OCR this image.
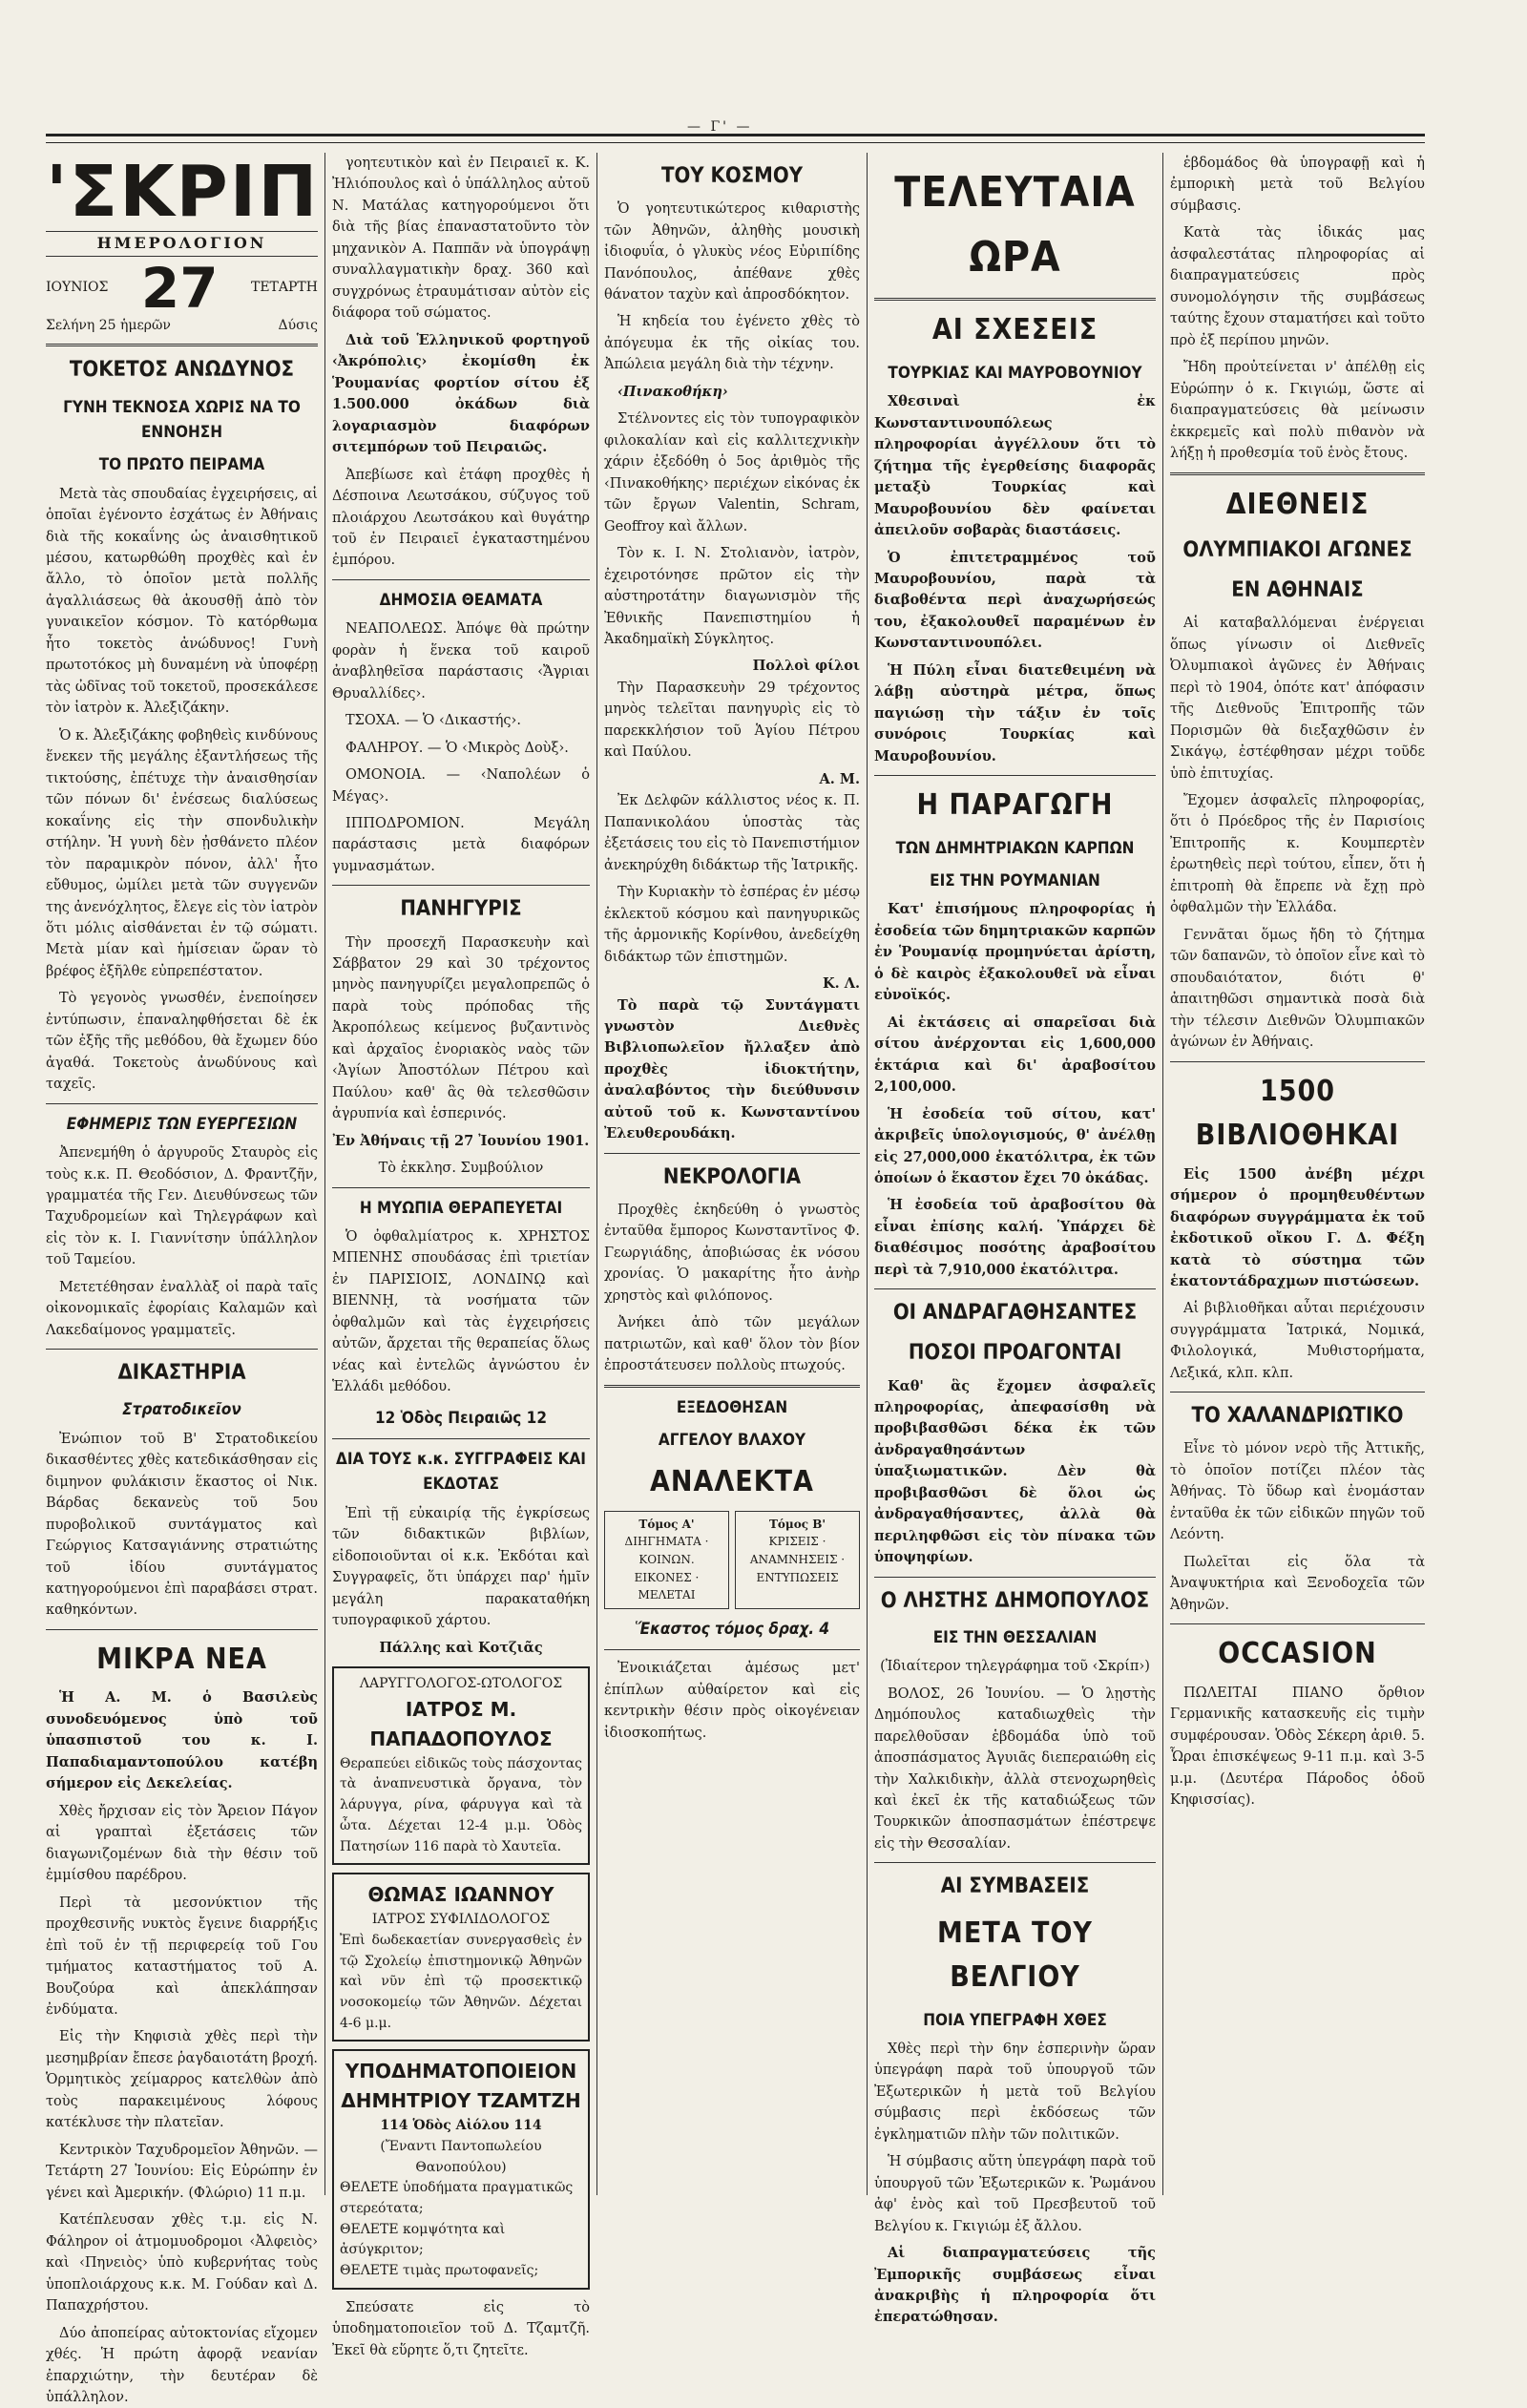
— Γ' —
'ΣΚΡΙΠ
ΗΜΕΡΟΛΟΓΙΟΝ
ΙΟΥΝΙΟΣ 27 ΤΕΤΑΡΤΗ
Σελήνη 25 ἡμερῶν	Δύσις
ΤΟΚΕΤΟΣ ΑΝΩΔΥΝΟΣ
ΓΥΝΗ ΤΕΚΝΟΣΑ ΧΩΡΙΣ ΝΑ ΤΟ ΕΝΝΟΗΣΗ
ΤΟ ΠΡΩΤΟ ΠΕΙΡΑΜΑ

Μετὰ τὰς σπουδαίας ἐγχειρήσεις, αἱ ὁποῖαι ἐγένοντο ἐσχάτως ἐν Ἀθήναις διὰ τῆς κοκαΐνης ὡς ἀναισθητικοῦ μέσου, κατωρθώθη προχθὲς καὶ ἐν ἄλλο, τὸ ὁποῖον μετὰ πολλῆς ἀγαλλιάσεως θὰ ἀκουσθῇ ἀπὸ τὸν γυναικεῖον κόσμον. Τὸ κατόρθωμα ἦτο τοκετὸς ἀνώδυνος! Γυνὴ πρωτοτόκος μὴ δυναμένη νὰ ὑποφέρῃ τὰς ὠδῖνας τοῦ τοκετοῦ, προσεκάλεσε τὸν ἰατρὸν κ. Ἀλεξιζάκην.

Ὁ κ. Ἀλεξιζάκης φοβηθεὶς κινδύνους ἕνεκεν τῆς μεγάλης ἐξαντλήσεως τῆς τικτούσης, ἐπέτυχε τὴν ἀναισθησίαν τῶν πόνων δι' ἐνέσεως διαλύσεως κοκαΐνης εἰς τὴν σπονδυλικὴν στήλην. Ἡ γυνὴ δὲν ᾐσθάνετο πλέον τὸν παραμικρὸν πόνον, ἀλλ' ἦτο εὔθυμος, ὡμίλει μετὰ τῶν συγγενῶν της ἀνενόχλητος, ἔλεγε εἰς τὸν ἰατρὸν ὅτι μόλις αἰσθάνεται ἐν τῷ σώματι. Μετὰ μίαν καὶ ἡμίσειαν ὥραν τὸ βρέφος ἐξῆλθε εὐπρεπέστατον.

Τὸ γεγονὸς γνωσθέν, ἐνεποίησεν ἐντύπωσιν, ἐπαναληφθήσεται δὲ ἐκ τῶν ἐξῆς τῆς μεθόδου, θὰ ἔχωμεν δύο ἀγαθά. Τοκετοὺς ἀνωδύνους καὶ ταχεῖς.

ΕΦΗΜΕΡΙΣ ΤΩΝ ΕΥΕΡΓΕΣΙΩΝ

Ἀπενεμήθη ὁ ἀργυροῦς Σταυρὸς εἰς τοὺς κ.κ. Π. Θεοδόσιον, Δ. Φραντζῆν, γραμματέα τῆς Γεν. Διευθύνσεως τῶν Ταχυδρομείων καὶ Τηλεγράφων καὶ εἰς τὸν κ. Ι. Γιαννίτσην ὑπάλληλον τοῦ Ταμείου.

Μετετέθησαν ἐναλλὰξ οἱ παρὰ ταῖς οἰκονομικαῖς ἐφορίαις Καλαμῶν καὶ Λακεδαίμονος γραμματεῖς.

ΔΙΚΑΣΤΗΡΙΑ
Στρατοδικεῖον

Ἐνώπιον τοῦ Β' Στρατοδικείου δικασθέντες χθὲς κατεδικάσθησαν εἰς διμηνον φυλάκισιν ἕκαστος οἱ Νικ. Βάρδας δεκανεὺς τοῦ 5ου πυροβολικοῦ συντάγματος καὶ Γεώργιος Κατσαγιάννης στρατιώτης τοῦ ἰδίου συντάγματος κατηγορούμενοι ἐπὶ παραβάσει στρατ. καθηκόντων.

ΜΙΚΡΑ ΝΕΑ

Ἡ Α. Μ. ὁ Βασιλεὺς συνοδευόμενος ὑπὸ τοῦ ὑπασπιστοῦ του κ. Ι. Παπαδιαμαντοπούλου κατέβη σήμερον εἰς Δεκελείας.

Χθὲς ἤρχισαν εἰς τὸν Ἄρειον Πάγον αἱ γραπταὶ ἐξετάσεις τῶν διαγωνιζομένων διὰ τὴν θέσιν τοῦ ἐμμίσθου παρέδρου.

Περὶ τὰ μεσονύκτιον τῆς προχθεσινῆς νυκτὸς ἔγεινε διαρρήξις ἐπὶ τοῦ ἐν τῇ περιφερείᾳ τοῦ Γου τμήματος καταστήματος τοῦ Α. Βουζούρα καὶ ἀπεκλάπησαν ἐνδύματα.

Εἰς τὴν Κηφισιὰ χθὲς περὶ τὴν μεσημβρίαν ἔπεσε ῥαγδαιοτάτη βροχή. Ὁρμητικὸς χείμαρρος κατελθὼν ἀπὸ τοὺς παρακειμένους λόφους κατέκλυσε τὴν πλατεῖαν.

Κεντρικὸν Ταχυδρομεῖον Ἀθηνῶν. — Τετάρτη 27 Ἰουνίου: Εἰς Εὐρώπην ἐν γένει καὶ Ἀμερικήν. (Φλώριο) 11 π.μ.

Κατέπλευσαν χθὲς τ.μ. εἰς Ν. Φάληρον οἱ ἀτμομυοδρομοι ‹Ἀλφειὸς› καὶ ‹Πηνειὸς› ὑπὸ κυβερνήτας τοὺς ὑποπλοιάρχους κ.κ. Μ. Γούδαν καὶ Δ. Παπαχρήστου.

Δύο ἀποπείρας αὐτοκτονίας εἴχομεν χθές. Ἡ πρώτη ἀφορᾷ νεανίαν ἐπαρχιώτην, τὴν δευτέραν δὲ ὑπάλληλον.

γοητευτικὸν καὶ ἐν Πειραιεῖ κ. Κ. Ἠλιόπουλος καὶ ὁ ὑπάλληλος αὐτοῦ Ν. Ματάλας κατηγορούμενοι ὅτι διὰ τῆς βίας ἐπαναστατοῦντο τὸν μηχανικὸν Α. Παππᾶν νὰ ὑπογράψῃ συναλλαγματικὴν δραχ. 360 καὶ συγχρόνως ἐτραυμάτισαν αὐτὸν εἰς διάφορα τοῦ σώματος.

Διὰ τοῦ Ἑλληνικοῦ φορτηγοῦ ‹Ἀκρόπολις› ἐκομίσθη ἐκ Ῥουμανίας φορτίον σίτου ἐξ 1.500.000 ὀκάδων διὰ λογαριασμὸν διαφόρων σιτεμπόρων τοῦ Πειραιῶς.

Ἀπεβίωσε καὶ ἐτάφη προχθὲς ἡ Δέσποινα Λεωτσάκου, σύζυγος τοῦ πλοιάρχου Λεωτσάκου καὶ θυγάτηρ τοῦ ἐν Πειραιεῖ ἐγκαταστημένου ἐμπόρου.

ΔΗΜΟΣΙΑ ΘΕΑΜΑΤΑ

ΝΕΑΠΟΛΕΩΣ. Ἀπόψε θὰ πρώτην φορὰν ἡ ἕνεκα τοῦ καιροῦ ἀναβληθεῖσα παράστασις ‹Ἄγριαι Θρυαλλίδες›.

ΤΣΟΧΑ. — Ὁ ‹Δικαστής›.

ΦΑΛΗΡΟΥ. — Ὁ ‹Μικρὸς Δοὺξ›.

ΟΜΟΝΟΙΑ. — ‹Ναπολέων ὁ Μέγας›.

ΙΠΠΟΔΡΟΜΙΟΝ. Μεγάλη παράστασις μετὰ διαφόρων γυμνασμάτων.

ΠΑΝΗΓΥΡΙΣ

Τὴν προσεχῆ Παρασκευὴν καὶ Σάββατον 29 καὶ 30 τρέχοντος μηνὸς πανηγυρίζει μεγαλοπρεπῶς ὁ παρὰ τοὺς πρόποδας τῆς Ἀκροπόλεως κείμενος βυζαντινὸς καὶ ἀρχαῖος ἐνοριακὸς ναὸς τῶν ‹Ἁγίων Ἀποστόλων Πέτρου καὶ Παύλου› καθ' ἃς θὰ τελεσθῶσιν ἀγρυπνία καὶ ἑσπερινός.

Ἐν Ἀθήναις τῇ 27 Ἰουνίου 1901.

Τὸ ἐκκλησ. Συμβούλιον

Η ΜΥΩΠΙΑ ΘΕΡΑΠΕΥΕΤΑΙ

Ὁ ὀφθαλμίατρος κ. ΧΡΗΣΤΟΣ ΜΠΕΝΗΣ σπουδάσας ἐπὶ τριετίαν ἐν ΠΑΡΙΣΙΟΙΣ, ΛΟΝΔΙΝῼ καὶ ΒΙΕΝΝῌ, τὰ νοσήματα τῶν ὀφθαλμῶν καὶ τὰς ἐγχειρήσεις αὐτῶν, ἄρχεται τῆς θεραπείας ὅλως νέας καὶ ἐντελῶς ἀγνώστου ἐν Ἑλλάδι μεθόδου.

12 Ὁδὸς Πειραιῶς 12
ΔΙΑ ΤΟΥΣ κ.κ. ΣΥΓΓΡΑΦΕΙΣ ΚΑΙ ΕΚΔΟΤΑΣ

Ἐπὶ τῇ εὐκαιρίᾳ τῆς ἐγκρίσεως τῶν διδακτικῶν βιβλίων, εἰδοποιοῦνται οἱ κ.κ. Ἐκδόται καὶ Συγγραφεῖς, ὅτι ὑπάρχει παρ' ἡμῖν μεγάλη παρακαταθήκη τυπογραφικοῦ χάρτου.

Πάλλης καὶ Κοτζιᾶς

ΛΑΡΥΓΓΟΛΟΓΟΣ-ΩΤΟΛΟΓΟΣ
ΙΑΤΡΟΣ Μ. ΠΑΠΑΔΟΠΟΥΛΟΣ
Θεραπεύει εἰδικῶς τοὺς πάσχοντας τὰ ἀναπνευστικὰ ὄργανα, τὸν λάρυγγα, ρίνα, φάρυγγα καὶ τὰ ὦτα. Δέχεται 12-4 μ.μ. Ὁδὸς Πατησίων 116 παρὰ τὸ Χαυτεῖα.
ΘΩΜΑΣ ΙΩΑΝΝΟΥ
ΙΑΤΡΟΣ ΣΥΦΙΛΙΔΟΛΟΓΟΣ
Ἐπὶ δωδεκαετίαν συνεργασθεὶς ἐν τῷ Σχολείῳ ἐπιστημονικῷ Ἀθηνῶν καὶ νῦν ἐπὶ τῷ προσεκτικῷ νοσοκομείῳ τῶν Ἀθηνῶν. Δέχεται 4-6 μ.μ.
ΥΠΟΔΗΜΑΤΟΠΟΙΕΙΟΝ
ΔΗΜΗΤΡΙΟΥ ΤΖΑΜΤΖΗ
114 Ὁδὸς Αἰόλου 114
(Ἔναντι Παντοπωλείου Θανοπούλου)
ΘΕΛΕΤΕ ὑποδήματα πραγματικῶς στερεότατα;
ΘΕΛΕΤΕ κομψότητα καὶ ἀσύγκριτον;
ΘΕΛΕΤΕ τιμὰς πρωτοφανεῖς;

Σπεύσατε εἰς τὸ ὑποδηματοποιεῖον τοῦ Δ. Τζαμτζῆ. Ἐκεῖ θὰ εὕρητε ὅ,τι ζητεῖτε.

ΤΟΥ ΚΟΣΜΟΥ

Ὁ γοητευτικώτερος κιθαριστὴς τῶν Ἀθηνῶν, ἀληθὴς μουσικὴ ἰδιοφυΐα, ὁ γλυκὺς νέος Εὐριπίδης Πανόπουλος, ἀπέθανε χθὲς θάνατον ταχὺν καὶ ἀπροσδόκητον.

Ἡ κηδεία του ἐγένετο χθὲς τὸ ἀπόγευμα ἐκ τῆς οἰκίας του. Ἀπώλεια μεγάλη διὰ τὴν τέχνην.

‹Πινακοθήκη›

Στέλνοντες εἰς τὸν τυπογραφικὸν φιλοκαλίαν καὶ εἰς καλλιτεχνικὴν χάριν ἐξεδόθη ὁ 5ος ἀριθμὸς τῆς ‹Πινακοθήκης› περιέχων εἰκόνας ἐκ τῶν ἔργων Valentin, Schram, Geoffroy καὶ ἄλλων.

Τὸν κ. Ι. Ν. Στολιανὸν, ἰατρὸν, ἐχειροτόνησε πρῶτον εἰς τὴν αὐστηροτάτην διαγωνισμὸν τῆς Ἐθνικῆς Πανεπιστημίου ἡ Ἀκαδημαϊκὴ Σύγκλητος.

Πολλοὶ φίλοι

Τὴν Παρασκευὴν 29 τρέχοντος μηνὸς τελεῖται πανηγυρὶς εἰς τὸ παρεκκλήσιον τοῦ Ἁγίου Πέτρου καὶ Παύλου.

Α. Μ.

Ἐκ Δελφῶν κάλλιστος νέος κ. Π. Παπανικολάου ὑποστὰς τὰς ἐξετάσεις του εἰς τὸ Πανεπιστήμιον ἀνεκηρύχθη διδάκτωρ τῆς Ἰατρικῆς.

Τὴν Κυριακὴν τὸ ἑσπέρας ἐν μέσῳ ἐκλεκτοῦ κόσμου καὶ πανηγυρικῶς τῆς ἀρμονικῆς Κορίνθου, ἀνεδείχθη διδάκτωρ τῶν ἐπιστημῶν.

Κ. Λ.

Τὸ παρὰ τῷ Συντάγματι γνωστὸν Διεθνὲς Βιβλιοπωλεῖον ἤλλαξεν ἀπὸ προχθὲς ἰδιοκτήτην, ἀναλαβόντος τὴν διεύθυνσιν αὐτοῦ τοῦ κ. Κωνσταντίνου Ἐλευθερουδάκη.

ΝΕΚΡΟΛΟΓΙΑ

Προχθὲς ἐκηδεύθη ὁ γνωστὸς ἐνταῦθα ἔμπορος Κωνσταντῖνος Φ. Γεωργιάδης, ἀποβιώσας ἐκ νόσου χρονίας. Ὁ μακαρίτης ἦτο ἀνὴρ χρηστὸς καὶ φιλόπονος.

Ἀνήκει ἀπὸ τῶν μεγάλων πατριωτῶν, καὶ καθ' ὅλον τὸν βίον ἐπροστάτευσεν πολλοὺς πτωχούς.

ΕΞΕΔΟΘΗΣΑΝ
ΑΓΓΕΛΟΥ ΒΛΑΧΟΥ
ΑΝΑΛΕΚΤΑ
Τόμος Α'
ΔΙΗΓΗΜΑΤΑ · ΚΟΙΝΩΝ. ΕΙΚΟΝΕΣ · ΜΕΛΕΤΑΙ
Τόμος Β'
ΚΡΙΣΕΙΣ · ΑΝΑΜΝΗΣΕΙΣ · ΕΝΤΥΠΩΣΕΙΣ
Ἕκαστος τόμος δραχ. 4

Ἐνοικιάζεται ἀμέσως μετ' ἐπίπλων αὐθαίρετον καὶ εἰς κεντρικὴν θέσιν πρὸς οἰκογένειαν ἰδιοσκοπήτως.

ΤΕΛΕΥΤΑΙΑ ΩΡΑ
ΑΙ ΣΧΕΣΕΙΣ
ΤΟΥΡΚΙΑΣ ΚΑΙ ΜΑΥΡΟΒΟΥΝΙΟΥ

Χθεσιναὶ ἐκ Κωνσταντινουπόλεως πληροφορίαι ἀγγέλλουν ὅτι τὸ ζήτημα τῆς ἐγερθείσης διαφορᾶς μεταξὺ Τουρκίας καὶ Μαυροβουνίου δὲν φαίνεται ἀπειλοῦν σοβαρὰς διαστάσεις.

Ὁ ἐπιτετραμμένος τοῦ Μαυροβουνίου, παρὰ τὰ διαβοθέντα περὶ ἀναχωρήσεώς του, ἐξακολουθεῖ παραμένων ἐν Κωνσταντινουπόλει.

Ἡ Πύλη εἶναι διατεθειμένη νὰ λάβῃ αὐστηρὰ μέτρα, ὅπως παγιώσῃ τὴν τάξιν ἐν τοῖς συνόροις Τουρκίας καὶ Μαυροβουνίου.

Η ΠΑΡΑΓΩΓΗ
ΤΩΝ ΔΗΜΗΤΡΙΑΚΩΝ ΚΑΡΠΩΝ
ΕΙΣ ΤΗΝ ΡΟΥΜΑΝΙΑΝ

Κατ' ἐπισήμους πληροφορίας ἡ ἐσοδεία τῶν δημητριακῶν καρπῶν ἐν Ῥουμανίᾳ προμηνύεται ἀρίστη, ὁ δὲ καιρὸς ἐξακολουθεῖ νὰ εἶναι εὐνοϊκός.

Αἱ ἐκτάσεις αἱ σπαρεῖσαι διὰ σίτου ἀνέρχονται εἰς 1,600,000 ἑκτάρια καὶ δι' ἀραβοσίτου 2,100,000.

Ἡ ἐσοδεία τοῦ σίτου, κατ' ἀκριβεῖς ὑπολογισμούς, θ' ἀνέλθῃ εἰς 27,000,000 ἑκατόλιτρα, ἐκ τῶν ὁποίων ὁ ἕκαστον ἔχει 70 ὀκάδας.

Ἡ ἐσοδεία τοῦ ἀραβοσίτου θὰ εἶναι ἐπίσης καλή. Ὑπάρχει δὲ διαθέσιμος ποσότης ἀραβοσίτου περὶ τὰ 7,910,000 ἑκατόλιτρα.

ΟΙ ΑΝΔΡΑΓΑΘΗΣΑΝΤΕΣ
ΠΟΣΟΙ ΠΡΟΑΓΟΝΤΑΙ

Καθ' ἃς ἔχομεν ἀσφαλεῖς πληροφορίας, ἀπεφασίσθη νὰ προβιβασθῶσι δέκα ἐκ τῶν ἀνδραγαθησάντων ὑπαξιωματικῶν. Δὲν θὰ προβιβασθῶσι δὲ ὅλοι ὡς ἀνδραγαθήσαντες, ἀλλὰ θὰ περιληφθῶσι εἰς τὸν πίνακα τῶν ὑποψηφίων.

Ο ΛΗΣΤΗΣ ΔΗΜΟΠΟΥΛΟΣ
ΕΙΣ ΤΗΝ ΘΕΣΣΑΛΙΑΝ

(Ἰδιαίτερον τηλεγράφημα τοῦ ‹Σκρίπ›)

ΒΟΛΟΣ, 26 Ἰουνίου. — Ὁ λῃστὴς Δημόπουλος καταδιωχθεὶς τὴν παρελθοῦσαν ἑβδομάδα ὑπὸ τοῦ ἀποσπάσματος Ἀγυιᾶς διεπεραιώθη εἰς τὴν Χαλκιδικὴν, ἀλλὰ στενοχωρηθεὶς καὶ ἐκεῖ ἐκ τῆς καταδιώξεως τῶν Τουρκικῶν ἀποσπασμάτων ἐπέστρεψε εἰς τὴν Θεσσαλίαν.

ΑΙ ΣΥΜΒΑΣΕΙΣ
ΜΕΤΑ ΤΟΥ ΒΕΛΓΙΟΥ
ΠΟΙΑ ΥΠΕΓΡΑΦΗ ΧΘΕΣ

Χθὲς περὶ τὴν 6ην ἑσπερινὴν ὥραν ὑπεγράφη παρὰ τοῦ ὑπουργοῦ τῶν Ἐξωτερικῶν ἡ μετὰ τοῦ Βελγίου σύμβασις περὶ ἐκδόσεως τῶν ἐγκληματιῶν πλὴν τῶν πολιτικῶν.

Ἡ σύμβασις αὕτη ὑπεγράφη παρὰ τοῦ ὑπουργοῦ τῶν Ἐξωτερικῶν κ. Ῥωμάνου ἀφ' ἑνὸς καὶ τοῦ Πρεσβευτοῦ τοῦ Βελγίου κ. Γκιγιώμ ἐξ ἄλλου.

Αἱ διαπραγματεύσεις τῆς Ἐμπορικῆς συμβάσεως εἶναι ἀνακριβὴς ἡ πληροφορία ὅτι ἐπερατώθησαν.

ἑβδομάδος θὰ ὑπογραφῇ καὶ ἡ ἐμπορικὴ μετὰ τοῦ Βελγίου σύμβασις.

Κατὰ τὰς ἰδικάς μας ἀσφαλεστάτας πληροφορίας αἱ διαπραγματεύσεις πρὸς συνομολόγησιν τῆς συμβάσεως ταύτης ἔχουν σταματήσει καὶ τοῦτο πρὸ ἐξ περίπου μηνῶν.

Ἤδη προὐτείνεται ν' ἀπέλθῃ εἰς Εὐρώπην ὁ κ. Γκιγιώμ, ὥστε αἱ διαπραγματεύσεις θὰ μείνωσιν ἐκκρεμεῖς καὶ πολὺ πιθανὸν νὰ λήξῃ ἡ προθεσμία τοῦ ἑνὸς ἔτους.

ΔΙΕΘΝΕΙΣ
ΟΛΥΜΠΙΑΚΟΙ ΑΓΩΝΕΣ
ΕΝ ΑΘΗΝΑΙΣ

Αἱ καταβαλλόμεναι ἐνέργειαι ὅπως γίνωσιν οἱ Διεθνεῖς Ὀλυμπιακοὶ ἀγῶνες ἐν Ἀθήναις περὶ τὸ 1904, ὁπότε κατ' ἀπόφασιν τῆς Διεθνοῦς Ἐπιτροπῆς τῶν Πορισμῶν θὰ διεξαχθῶσιν ἐν Σικάγῳ, ἐστέφθησαν μέχρι τοῦδε ὑπὸ ἐπιτυχίας.

Ἔχομεν ἀσφαλεῖς πληροφορίας, ὅτι ὁ Πρόεδρος τῆς ἐν Παρισίοις Ἐπιτροπῆς κ. Κουμπερτὲν ἐρωτηθεὶς περὶ τούτου, εἶπεν, ὅτι ἡ ἐπιτροπὴ θὰ ἔπρεπε νὰ ἔχῃ πρὸ ὀφθαλμῶν τὴν Ἑλλάδα.

Γεννᾶται ὅμως ἤδη τὸ ζήτημα τῶν δαπανῶν, τὸ ὁποῖον εἶνε καὶ τὸ σπουδαιότατον, διότι θ' ἀπαιτηθῶσι σημαντικὰ ποσὰ διὰ τὴν τέλεσιν Διεθνῶν Ὀλυμπιακῶν ἀγώνων ἐν Ἀθήναις.

1500 ΒΙΒΛΙΟΘΗΚΑΙ

Εἰς 1500 ἀνέβη μέχρι σήμερον ὁ προμηθευθέντων διαφόρων συγγράμματα ἐκ τοῦ ἐκδοτικοῦ οἴκου Γ. Δ. Φέξη κατὰ τὸ σύστημα τῶν ἑκατοντάδραχμων πιστώσεων.

Αἱ βιβλιοθῆκαι αὗται περιέχουσιν συγγράμματα Ἰατρικά, Νομικά, Φιλολογικά, Μυθιστορήματα, Λεξικά, κλπ. κλπ.

ΤΟ ΧΑΛΑΝΔΡΙΩΤΙΚΟ

Εἶνε τὸ μόνον νερὸ τῆς Ἀττικῆς, τὸ ὁποῖον ποτίζει πλέον τὰς Ἀθήνας. Τὸ ὕδωρ καὶ ἐνομάσταν ἐνταῦθα ἐκ τῶν εἰδικῶν πηγῶν τοῦ Λεόντη.

Πωλεῖται εἰς ὅλα τὰ Ἀναψυκτήρια καὶ Ξενοδοχεῖα τῶν Ἀθηνῶν.

OCCASION

ΠΩΛΕΙΤΑΙ ΠΙΑΝΟ ὄρθιον Γερμανικῆς κατασκευῆς εἰς τιμὴν συμφέρουσαν. Ὁδὸς Σέκερη ἀριθ. 5. Ὧραι ἐπισκέψεως 9-11 π.μ. καὶ 3-5 μ.μ. (Δευτέρα Πάροδος ὁδοῦ Κηφισσίας).
